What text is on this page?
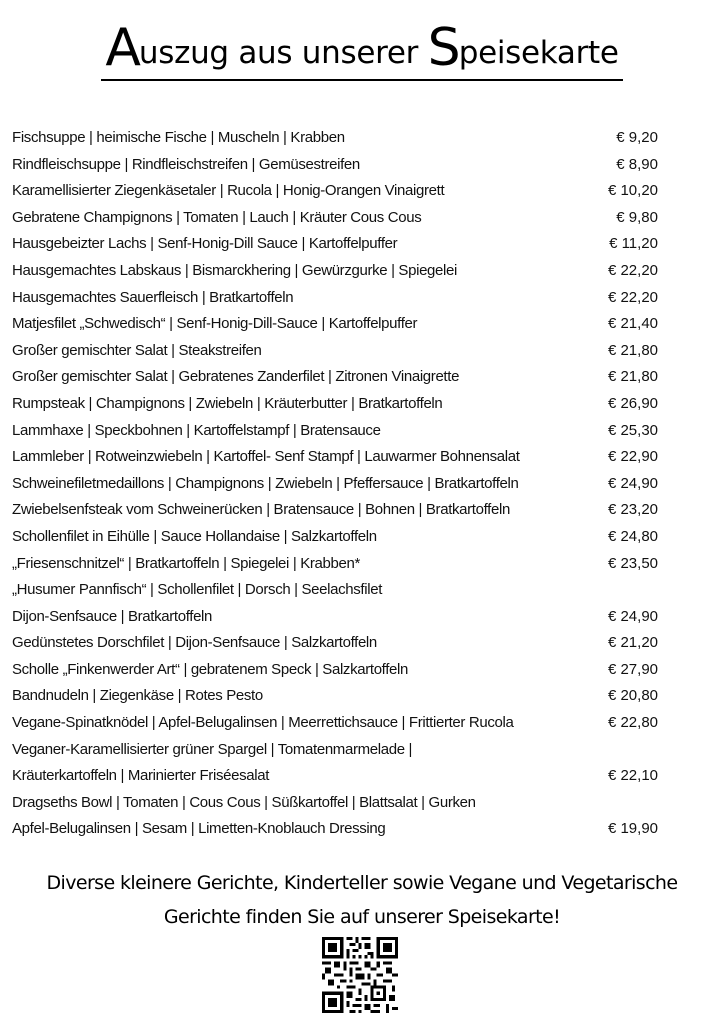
Auszug aus unserer Speisekarte
Fischsuppe | heimische Fische | Muscheln | Krabben	€ 9,20
Rindfleischsuppe | Rindfleischstreifen | Gemüsestreifen	€ 8,90
Karamellisierter Ziegenkäsetaler | Rucola | Honig-Orangen Vinaigrett	€ 10,20
Gebratene Champignons | Tomaten | Lauch | Kräuter Cous Cous	€ 9,80
Hausgebeizter Lachs | Senf-Honig-Dill Sauce | Kartoffelpuffer	€ 11,20
Hausgemachtes Labskaus | Bismarckhering | Gewürzgurke | Spiegelei	€ 22,20
Hausgemachtes Sauerfleisch | Bratkartoffeln	€ 22,20
Matjesfilet „Schwedisch“ | Senf-Honig-Dill-Sauce | Kartoffelpuffer	€ 21,40
Großer gemischter Salat | Steakstreifen	€ 21,80
Großer gemischter Salat | Gebratenes Zanderfilet | Zitronen Vinaigrette	€ 21,80
Rumpsteak | Champignons | Zwiebeln | Kräuterbutter | Bratkartoffeln	€ 26,90
Lammhaxe | Speckbohnen | Kartoffelstampf | Bratensauce	€ 25,30
Lammleber | Rotweinzwiebeln | Kartoffel- Senf Stampf | Lauwarmer Bohnensalat	€ 22,90
Schweinefiletmedaillons | Champignons | Zwiebeln | Pfeffersauce | Bratkartoffeln	€ 24,90
Zwiebelsenfsteak vom Schweinerücken | Bratensauce | Bohnen | Bratkartoffeln	€ 23,20
Schollenfilet in Eihülle | Sauce Hollandaise | Salzkartoffeln	€ 24,80
„Friesenschnitzel“ | Bratkartoffeln | Spiegelei | Krabben*	€ 23,50
„Husumer Pannfisch“ | Schollenfilet | Dorsch | Seelachsfilet
Dijon-Senfsauce | Bratkartoffeln	€ 24,90
Gedünstetes Dorschfilet | Dijon-Senfsauce | Salzkartoffeln	€ 21,20
Scholle „Finkenwerder Art“ | gebratenem Speck | Salzkartoffeln	€ 27,90
Bandnudeln | Ziegenkäse | Rotes Pesto	€ 20,80
Vegane-Spinatknödel | Apfel-Belugalinsen | Meerrettichsauce | Frittierter Rucola	€ 22,80
Veganer-Karamellisierter grüner Spargel | Tomatenmarmelade |
Kräuterkartoffeln | Marinierter Friséesalat	€ 22,10
Dragseths Bowl | Tomaten | Cous Cous | Süßkartoffel | Blattsalat | Gurken
Apfel-Belugalinsen | Sesam | Limetten-Knoblauch Dressing	€ 19,90
Diverse kleinere Gerichte, Kinderteller sowie Vegane und Vegetarische
Gerichte finden Sie auf unserer Speisekarte!
